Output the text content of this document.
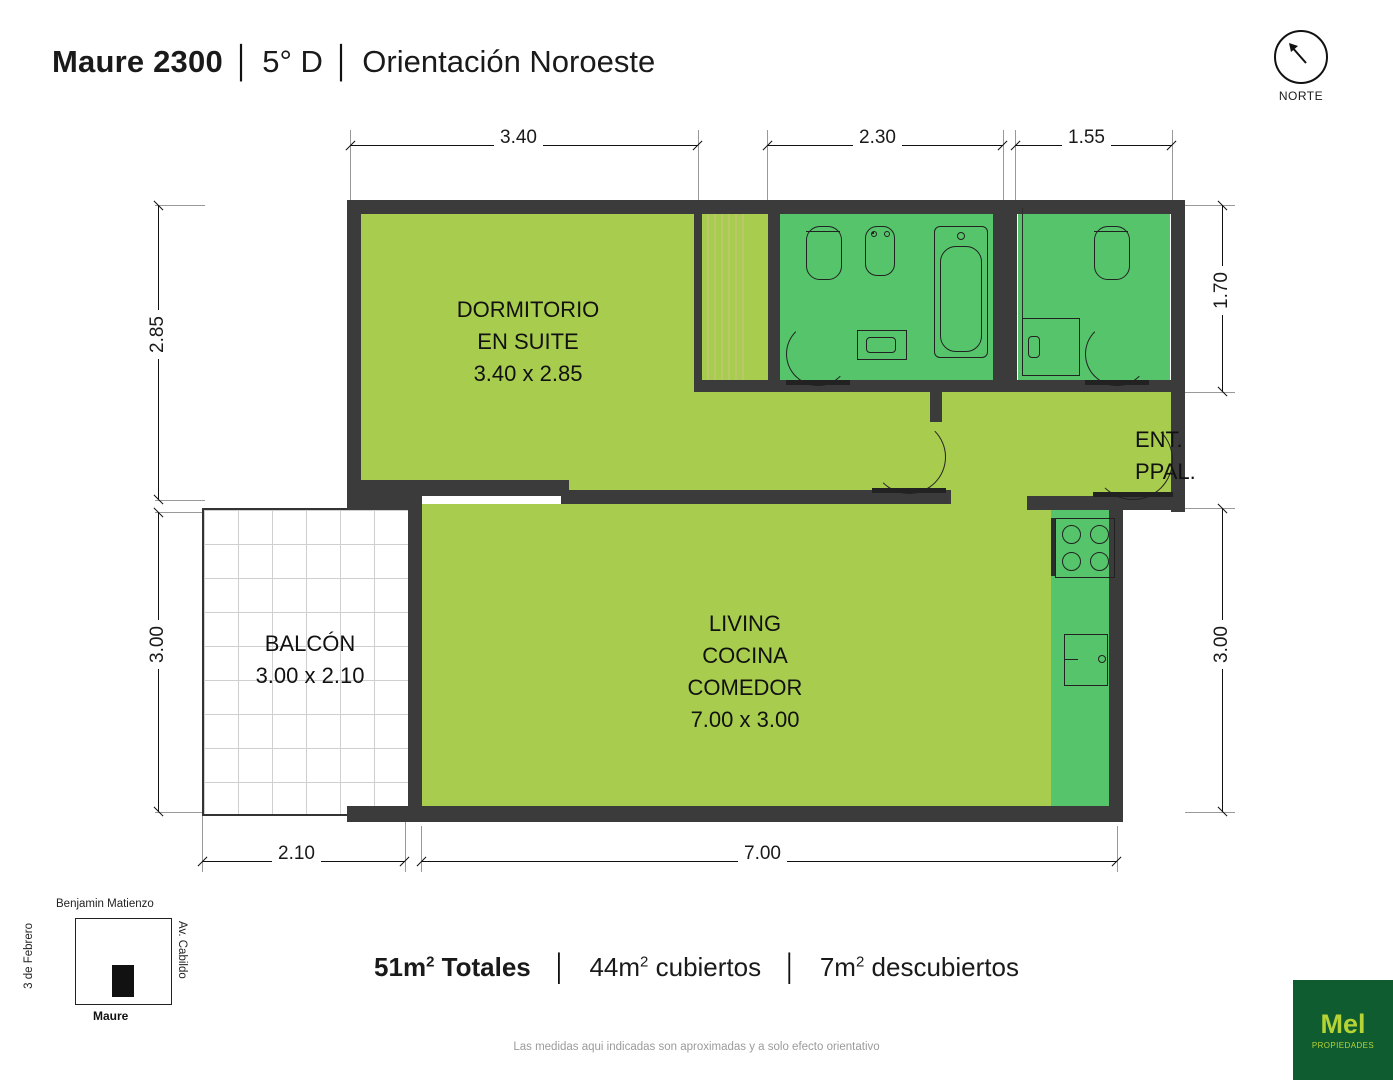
Maure 2300 │ 5° D │ Orientación Noroeste
NORTE
3.40	2.30	1.55
2.85
3.00
1.70
3.00
2.10	7.00
DORMITORIO
EN SUITE
3.40 x 2.85
BALCÓN
3.00 x 2.10
LIVING
COCINA
COMEDOR
7.00 x 3.00
ENT.
PPAL.
$51m^2$ Totales │ $44m^2$ cubiertos │ $7m^2$ descubiertos
Las medidas aqui indicadas son aproximadas y a solo efecto orientativo
Benjamin Matienzo
3 de Febrero	Av. Cabildo
Maure	Mel
PROPIEDADES
